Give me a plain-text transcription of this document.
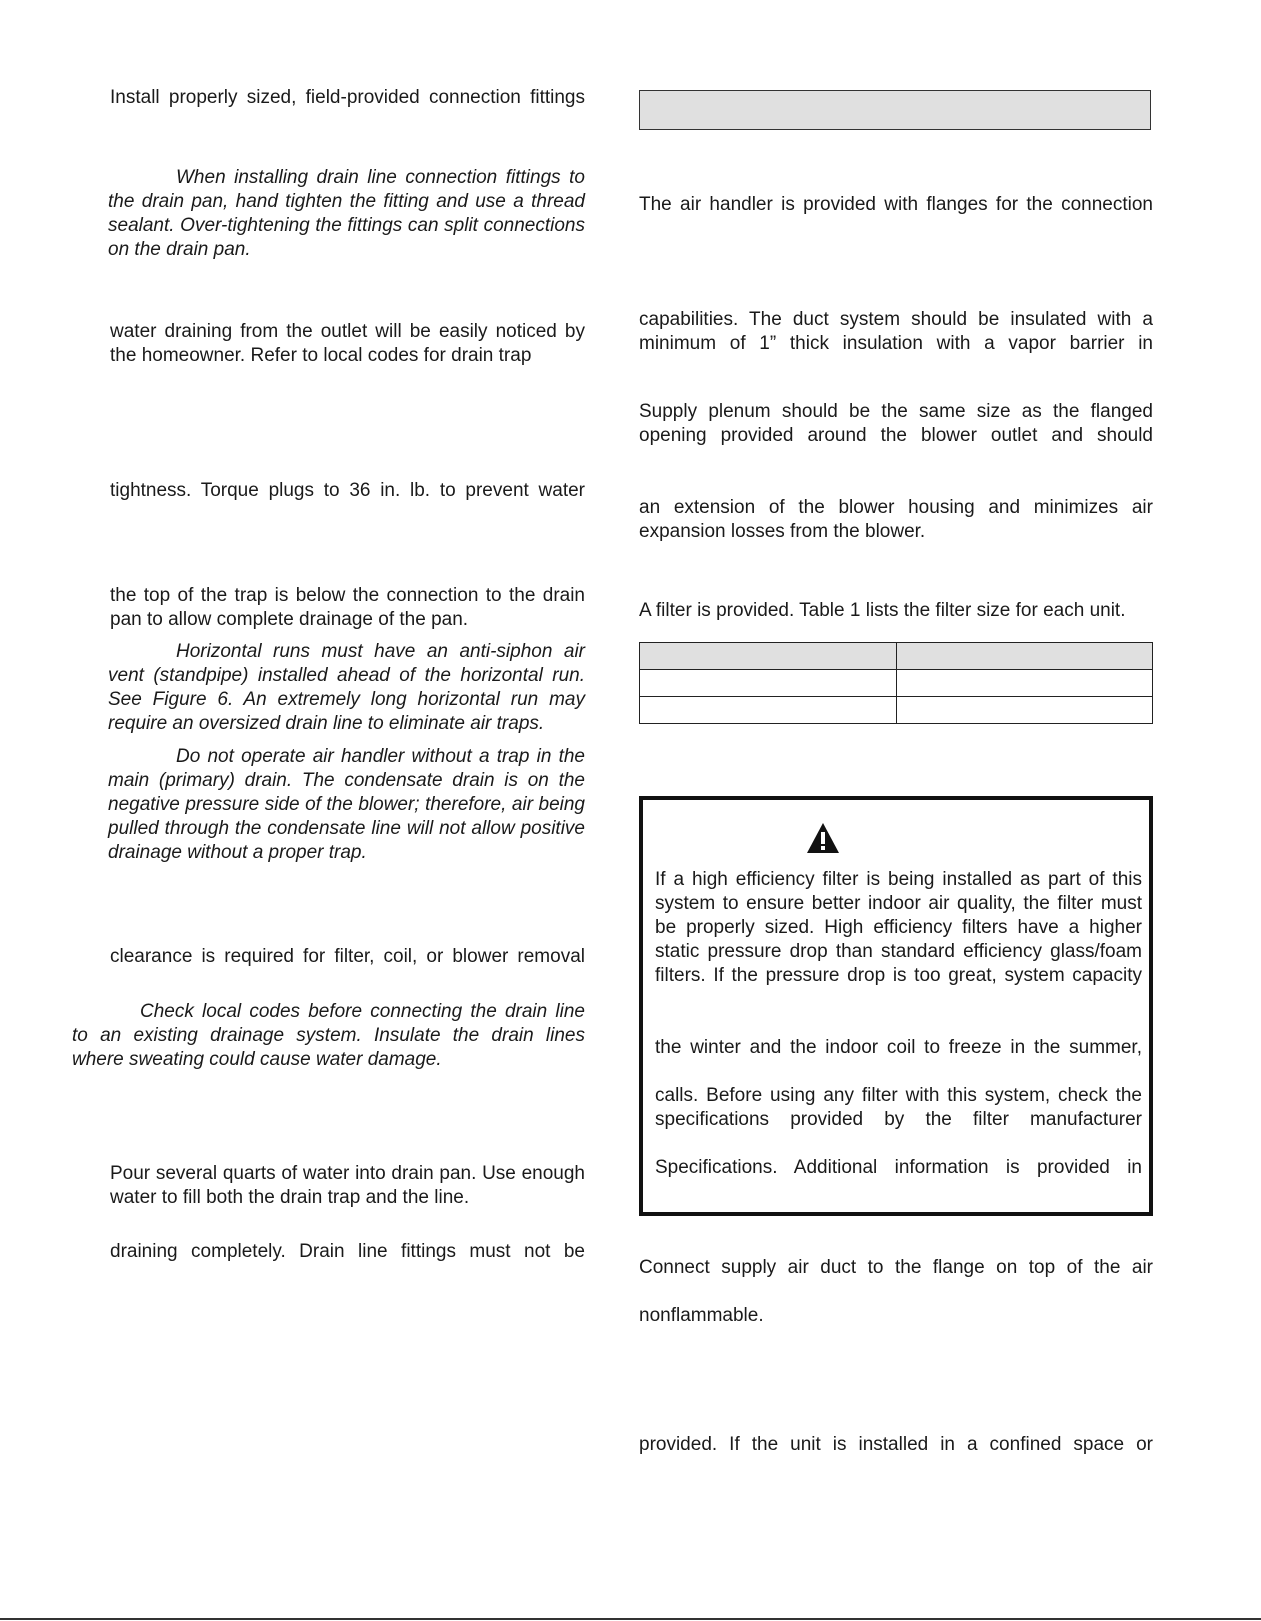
Install properly sized, field-provided connection fittings

When installing drain line connection fittings to the drain pan, hand tighten the fitting and use a thread sealant. Over-tightening the fittings can split connections on the drain pan.

water draining from the outlet will be easily noticed by the homeowner. Refer to local codes for drain trap

tightness. Torque plugs to 36 in. lb. to prevent water

the top of the trap is below the connection to the drain pan to allow complete drainage of the pan.

Horizontal runs must have an anti-siphon air vent (standpipe) installed ahead of the horizontal run. See Figure 6. An extremely long horizontal run may require an oversized drain line to eliminate air traps.

Do not operate air handler without a trap in the main (primary) drain. The condensate drain is on the negative pressure side of the blower; therefore, air being pulled through the condensate line will not allow positive drainage without a proper trap.

clearance is required for filter, coil, or blower removal

Check local codes before connecting the drain line to an existing drainage system. Insulate the drain lines where sweating could cause water damage.

Pour several quarts of water into drain pan. Use enough water to fill both the drain trap and the line.

draining completely. Drain line fittings must not be

The air handler is provided with flanges for the connection

capabilities. The duct system should be insulated with a minimum of 1” thick insulation with a vapor barrier in

Supply plenum should be the same size as the flanged opening provided around the blower outlet and should

an extension of the blower housing and minimizes air expansion losses from the blower.

A filter is provided. Table 1 lists the filter size for each unit.

If a high efficiency filter is being installed as part of this system to ensure better indoor air quality, the filter must be properly sized. High efficiency filters have a higher static pressure drop than standard efficiency glass/foam filters. If the pressure drop is too great, system capacity

the winter and the indoor coil to freeze in the summer,

calls. Before using any filter with this system, check the specifications provided by the filter manufacturer

Specifications. Additional information is provided in

Connect supply air duct to the flange on top of the air

nonflammable.

provided. If the unit is installed in a confined space or
